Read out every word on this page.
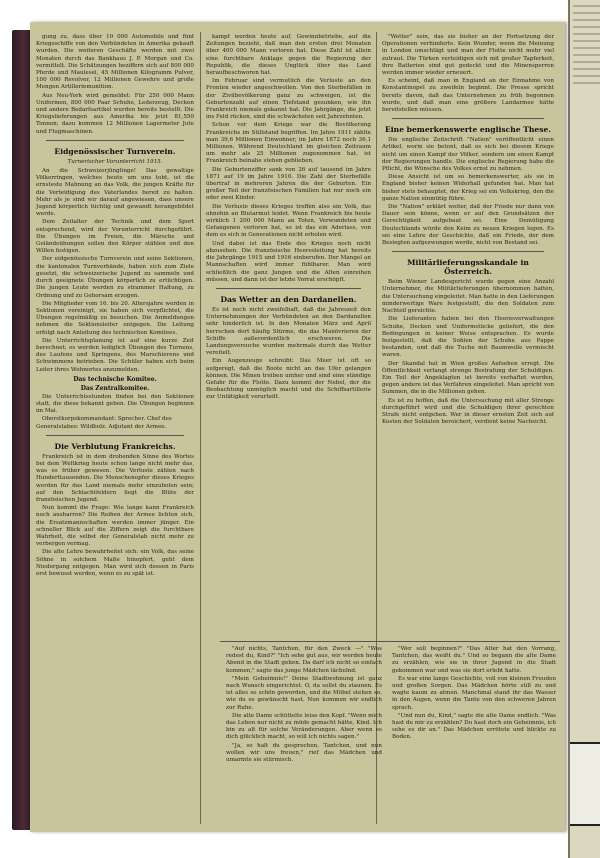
gung zu, dass über 10 000 Automobile und fünf Kriegsschiffe von den Verbündeten in Amerika gekauft wurden. Die weiteren Geschäfte werden mit zwei Monaten durch das Bankhaus J. P. Morgan und Co. vermittelt. Die Schätzungen beziffern sich auf 800 000 Pferde und Maulesel, 45 Millionen Kilogramm Pulver, 100 000 Revolver, 12 Millionen Gewehre und große Mengen Artilleriemunition.

Aus Neu-York wird gemeldet: Für 250 000 Mann Uniformen, 800 000 Paar Schuhe, Lederzeug, Decken und andere Bedarfsartikel wurden bereits bestellt. Die Kriegslieferungen aus Amerika bis jetzt 81,550 Tonnen; dazu kommen 12 Millionen Lagermeter Jute und Flugmaschinen.

Eidgenössischer Turnverein.
Turnerischer Vorunterricht 1915.

An die Schweizerjünglinge! Das gewaltige Völkerringen, welches heute um uns tobt, ist die ernsteste Mahnung an das Volk, die jungen Kräfte für die Verteidigung des Vaterlandes bereit zu halten. Mehr als je sind wir darauf angewiesen, dass unsere Jugend körperlich tüchtig und gewandt herangebildet werde.

Dem Zeitalter der Technik und dem Sport entsprechend, wird der Vorunterricht durchgeführt. Die Übungen im Freien, die Märsche und Geländeübungen sollen den Körper stählen und den Willen festigen.

Der eidgenössische Turnverein und seine Sektionen, die kantonalen Turnverbände, haben sich zum Ziele gesetzt, die schweizerische Jugend zu sammeln und durch geeignete Übungen körperlich zu ertüchtigen. Die jungen Leute werden zu strammer Haltung, zu Ordnung und zu Gehorsam erzogen.

Die Mitglieder vom 16. bis 20. Altersjahre werden in Sektionen vereinigt, sie haben sich verpflichtet, die Übungen regelmäßig zu besuchen. Die Anmeldungen nehmen die Sektionsleiter entgegen. Die Leitung erfolgt nach Anleitung des technischen Komitees.

Die Unterrichtsplanung ist auf eine kurze Zeit berechnet; es werden lediglich Übungen des Turnens, des Laufens und Springens, des Marschierens und Schwimmens betrieben. Die Schüler haben sich beim Leiter ihres Wohnortes anzumelden.

Das technische Komitee.
Das Zentralkomitee.

Die Unterrichtsstunden finden bei den Sektionen statt, die diese bekannt geben. Die Übungen beginnen im Mai.

Oberstkorpskommandant: Sprecher. Chef des Generalstabes: Wildbolz. Adjutant der Armee.

Die Verblutung Frankreichs.

Frankreich ist in dem drohenden Sinne des Wortes bei dem Weltkrieg heute schon lange nicht mehr das, was es früher gewesen. Die Verluste zählen nach Hunderttausenden. Die Menschenopfer dieses Krieges werden für das Land niemals mehr einzuholen sein; auf den Schlachtfeldern liegt die Blüte der französischen Jugend.

Nun kommt die Frage: Wie lange kann Frankreich noch ausharren? Die Reihen der Armee lichten sich, die Ersatzmannschaften werden immer jünger. Ein schneller Blick auf die Ziffern zeigt die furchtbare Wahrheit, die selbst der Generalstab nicht mehr zu verbergen vermag.

Die alte Lehre bewahrheitet sich: ein Volk, das seine Söhne in solchem Maße hinopfert, geht dem Niedergang entgegen. Man wird sich dessen in Paris erst bewusst werden, wenn es zu spät ist.

kampf werden heute auf, Gewinnbetriebe, auf die Zeitungen bezieht, daß man den ersten drei Monaten über 400 000 Mann verloren hat. Diese Zahl ist allein eine furchtbare Anklage gegen die Regierung der Republik, die dieses Unglück über das Land heraufbeschworen hat.

Im Februar sind vermutlich die Verluste an den Fronten wieder angeschwollen. Von den Sterbefällen in der Zivilbevölkerung ganz zu schweigen, ist die Geburtenzahl auf einen Tiefstand gesunken, wie ihn Frankreich niemals gekannt hat. Die Jahrgänge, die jetzt ins Feld rücken, sind die schwächsten seit Jahrzehnten.

Schon vor dem Kriege war die Bevölkerung Frankreichs im Stillstand begriffen. Im Jahre 1911 zählte man 39,6 Millionen Einwohner, im Jahre 1872 noch 36,1 Millionen. Während Deutschland im gleichen Zeitraum um mehr als 25 Millionen zugenommen hat, ist Frankreich beinahe stehen geblieben.

Die Geburtenziffer sank von 26 auf tausend im Jahre 1871 auf 19 im Jahre 1910. Die Zahl der Sterbefälle übertraf in mehreren Jahren die der Geburten. Ein großer Teil der französischen Familien hat nur noch ein oder zwei Kinder.

Die Verluste dieses Krieges treffen also ein Volk, das ohnehin an Blutarmut leidet. Wenn Frankreich bis heute wirklich 1 200 000 Mann an Toten, Verwundeten und Gefangenen verloren hat, so ist das ein Aderlass, von dem es sich in Generationen nicht erholen wird.

Und dabei ist das Ende des Krieges noch nicht abzusehen. Die französische Heeresleitung hat bereits die Jahrgänge 1915 und 1916 einberufen. Der Mangel an Mannschaften wird immer fühlbarer. Man wird schließlich die ganz Jungen und die Alten einreihen müssen, und dann ist der letzte Vorrat erschöpft.

Das Wetter an den Dardanellen.

Es ist noch nicht zweifelhaft, daß die Jahreszeit den Unternehmungen der Verbündeten an den Dardanellen sehr hinderlich ist. In den Monaten März und April herrschen dort häufig Stürme, die das Manövrieren der Schiffe außerordentlich erschweren. Die Landungsversuche wurden mehrmals durch das Wetter vereitelt.

Ein Augenzeuge schreibt: Das Meer ist oft so aufgeregt, daß die Boote nicht an das Ufer gelangen können. Die Minen treiben umher und sind eine ständige Gefahr für die Flotte. Dazu kommt der Nebel, der die Beobachtung unmöglich macht und die Schiffsartillerie zur Untätigkeit verurteilt.

"Wetter" sein, das sie bisher an der Fortsetzung der Operationen verhinderte. Kein Wunder, wenn die Meinung in London umschlägt und man der Flotte nicht mehr viel zutraut. Die Türken verteidigen sich mit großer Tapferkeit, ihre Batterien sind gut gedeckt und die Minensperren werden immer wieder erneuert.

Es scheint, daß man in England an der Einnahme von Konstantinopel zu zweifeln beginnt. Die Presse spricht bereits davon, daß das Unternehmen zu früh begonnen wurde, und daß man eine größere Landarmee hätte bereitstellen müssen.

Eine bemerkenswerte englische These.

Die englische Zeitschrift "Nation" veröffentlicht einen Artikel, worin sie betont, daß es sich bei diesem Kriege nicht um einen Kampf der Völker, sondern um einen Kampf der Regierungen handle. Die englische Regierung habe die Pflicht, die Wünsche des Volkes ernst zu nehmen.

Diese Ansicht ist um so bemerkenswerter, als sie in England bisher keinen Widerhall gefunden hat. Man hat bisher stets behauptet, der Krieg sei ein Volkskrieg, den die ganze Nation einmütig führe.

Die "Nation" erklärt weiter, daß der Friede nur dann von Dauer sein könne, wenn er auf den Grundsätzen der Gerechtigkeit aufgebaut sei. Eine Demütigung Deutschlands würde den Keim zu neuen Kriegen legen. Es sei eine Lehre der Geschichte, daß ein Friede, der dem Besiegten aufgezwungen werde, nicht von Bestand sei.

Militärlieferungsskandale in Österreich.

Beim Wiener Landesgericht wurde gegen eine Anzahl Unternehmer, die Militärlieferungen übernommen hatten, die Untersuchung eingeleitet. Man hatte in den Lieferungen minderwertige Ware festgestellt, die den Soldaten zum Nachteil gereichte.

Die Lieferanten haben bei den Heeresverwaltungen Schuhe, Decken und Uniformstücke geliefert, die den Bedingungen in keiner Weise entsprachen. Es wurde festgestellt, daß die Sohlen der Schuhe aus Pappe bestanden, und daß die Tuche mit Baumwolle vermischt waren.

Der Skandal hat in Wien großes Aufsehen erregt. Die Öffentlichkeit verlangt strenge Bestrafung der Schuldigen. Ein Teil der Angeklagten ist bereits verhaftet worden, gegen andere ist das Verfahren eingeleitet. Man spricht von Summen, die in die Millionen gehen.

Es ist zu hoffen, daß die Untersuchung mit aller Strenge durchgeführt wird und die Schuldigen ihrer gerechten Strafe nicht entgehen. Wer in dieser ernsten Zeit sich auf Kosten der Soldaten bereichert, verdient keine Nachsicht.

"Auf nichts, Tantchen, für den Zweck —" "Was redest du, Kind?" "Ich sehe gut aus, wir werden heute Abend in die Stadt gehen. Da darf ich nicht so einfach kommen," sagte das junge Mädchen lächelnd.

"Mein Geheimnis!" Deine Stadtwohnung ist ganz nach Wunsch eingerichtet. O, da sollst du staunen. Es ist alles so schön geworden, und die Möbel stehen so, wie du es gewünscht hast. Nun kommen wir endlich zur Ruhe.

Die alte Dame schüttelte leise den Kopf. "Wenn mich das Leben nur nicht zu müde gemacht hätte, Kind. Ich bin zu alt für solche Veränderungen. Aber wenn es dich glücklich macht, so will ich nichts sagen."

"Ja, so halt du gesprochen, Tantchen, und nun wollen wir uns freuen," rief das Mädchen und umarmte sie stürmisch.

"Wer soll beginnen?" "Das Alter hat den Vorrang, Tantchen, das weißt du." Und so begann die alte Dame zu erzählen, wie sie in ihrer Jugend in die Stadt gekommen war und was sie dort erlebt hatte.

Es war eine lange Geschichte, voll von kleinen Freuden und großen Sorgen. Das Mädchen hörte still zu und wagte kaum zu atmen. Manchmal stand ihr das Wasser in den Augen, wenn die Tante von den schweren Jahren sprach.

"Und nun du, Kind," sagte die alte Dame endlich. "Was hast du mir zu erzählen? Du hast doch ein Geheimnis, ich sehe es dir an." Das Mädchen errötete und blickte zu Boden.
